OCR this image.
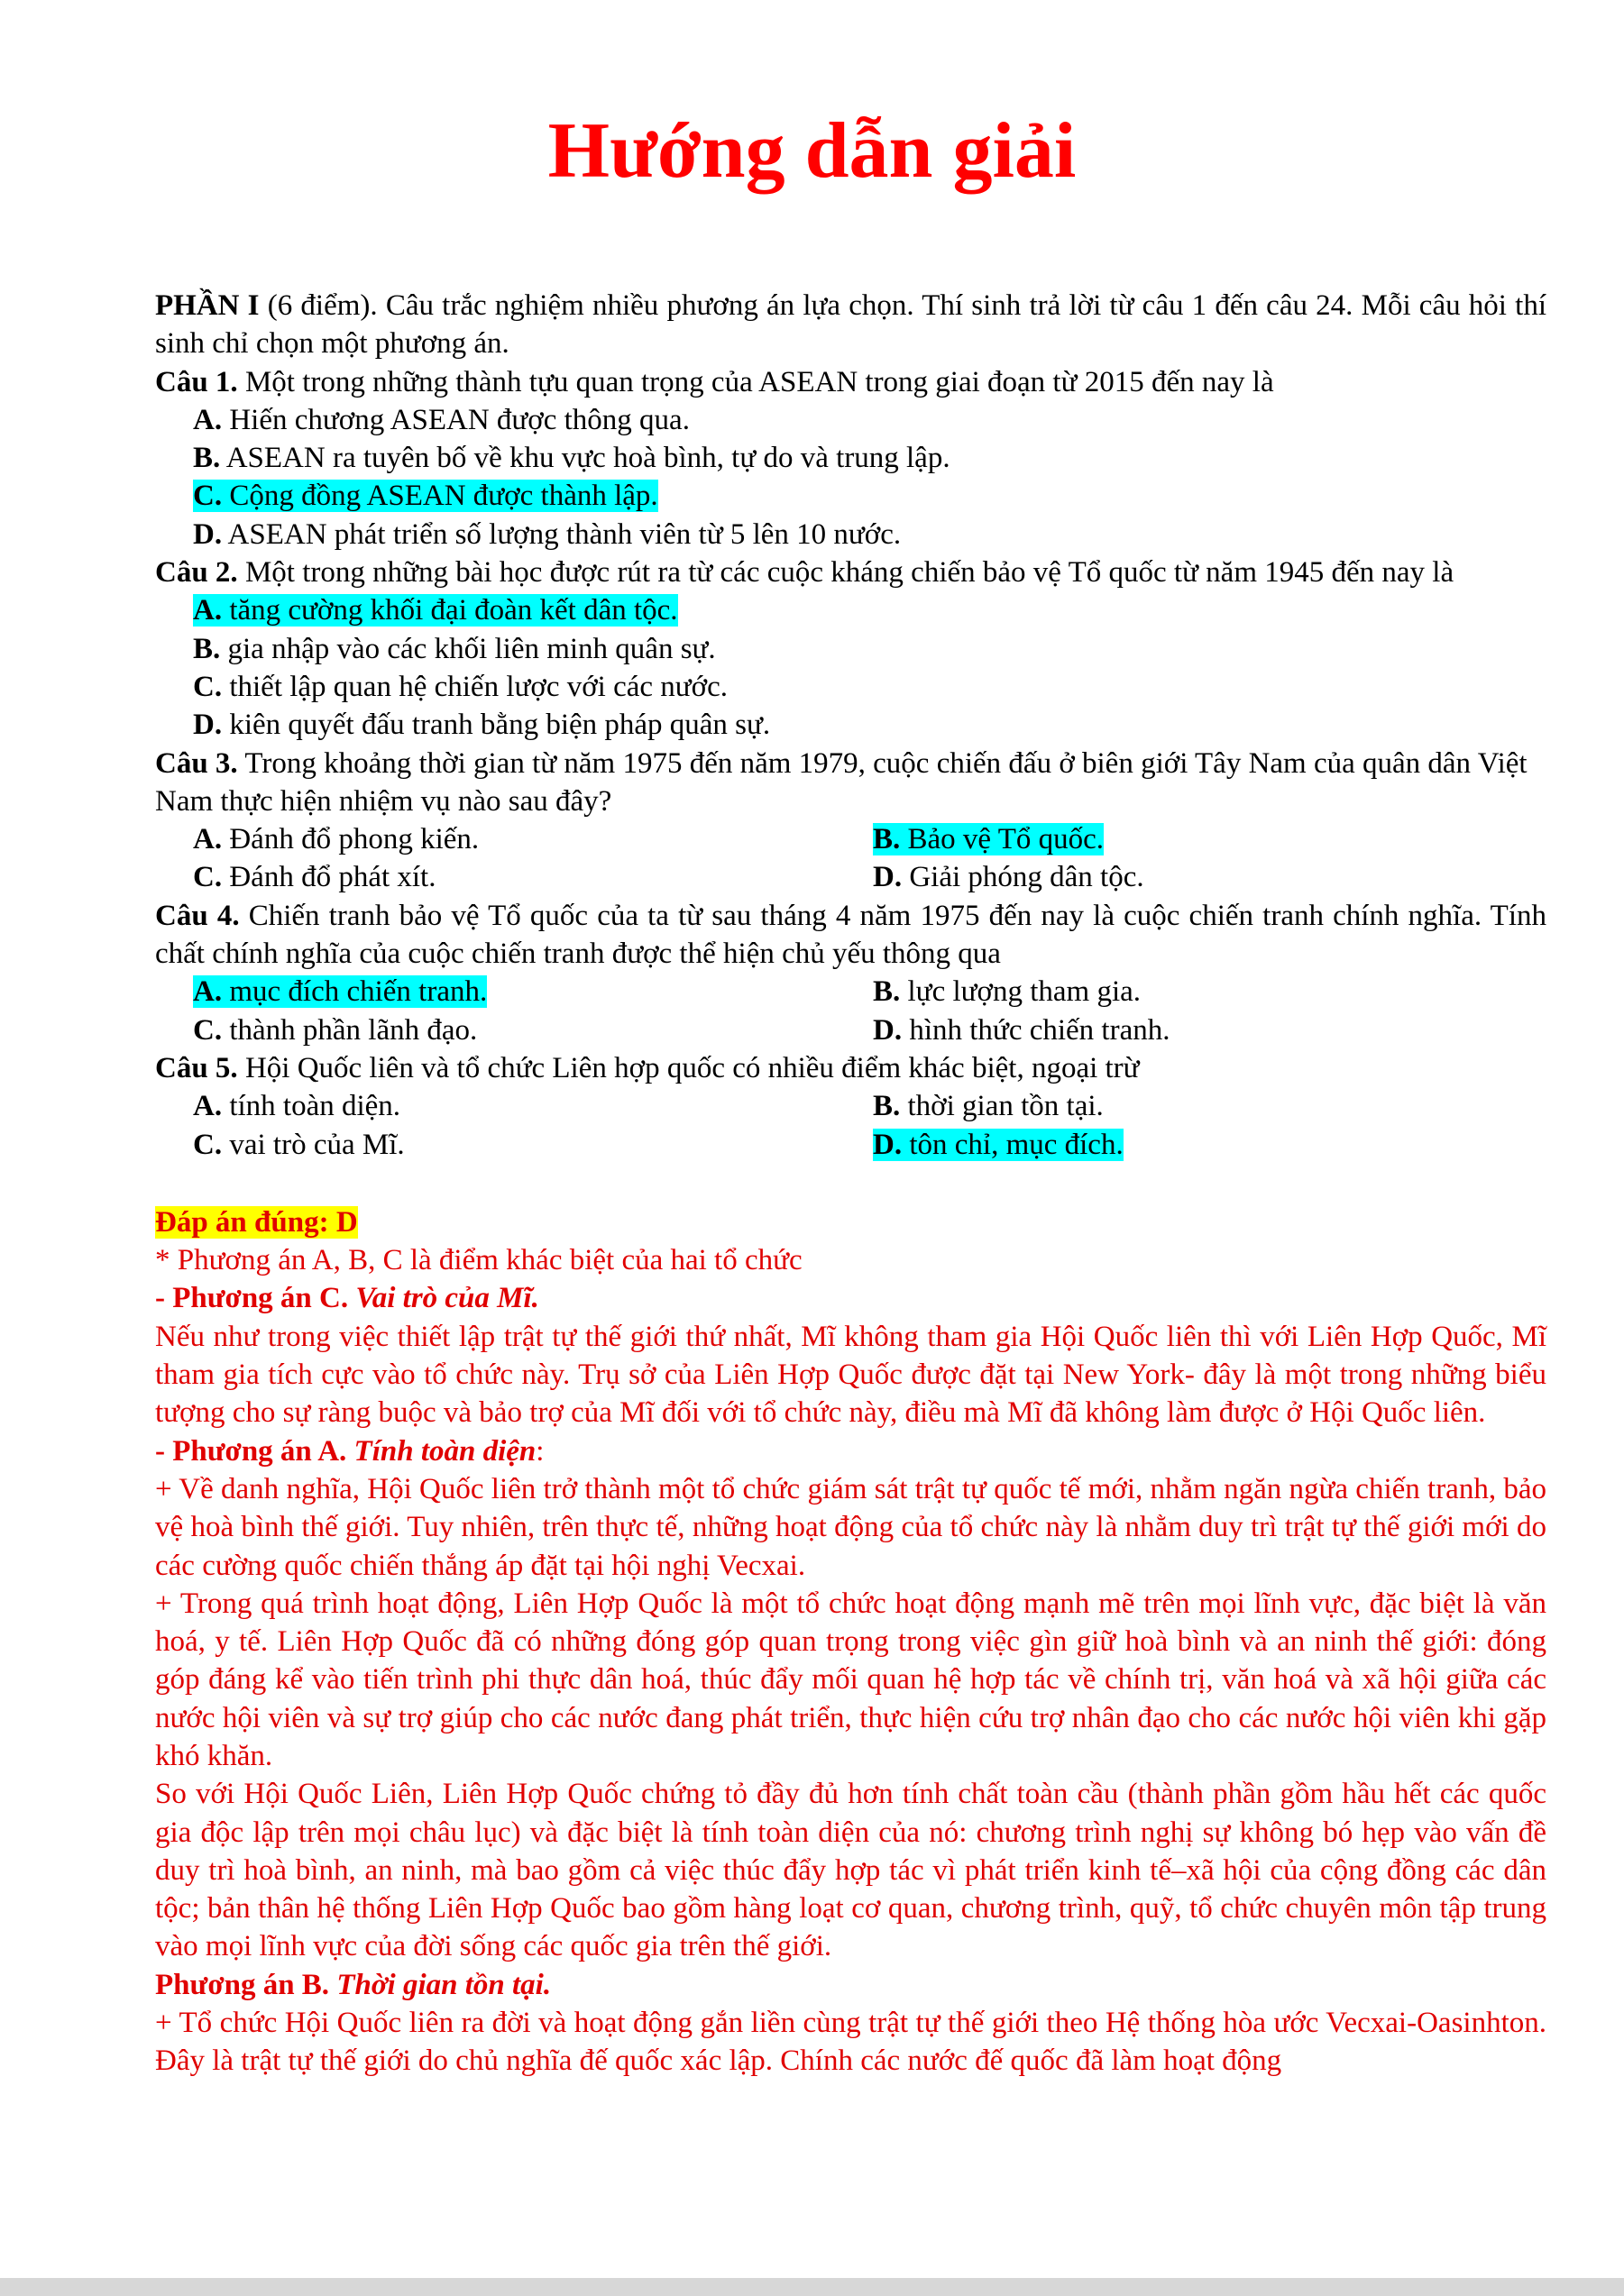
Hướng dẫn giải

PHẦN I (6 điểm). Câu trắc nghiệm nhiều phương án lựa chọn. Thí sinh trả lời từ câu 1 đến câu 24. Mỗi câu hỏi thí sinh chỉ chọn một phương án.

Câu 1. Một trong những thành tựu quan trọng của ASEAN trong giai đoạn từ 2015 đến nay là

A. Hiến chương ASEAN được thông qua.

B. ASEAN ra tuyên bố về khu vực hoà bình, tự do và trung lập.

C. Cộng đồng ASEAN được thành lập.

D. ASEAN phát triển số lượng thành viên từ 5 lên 10 nước.

Câu 2. Một trong những bài học được rút ra từ các cuộc kháng chiến bảo vệ Tổ quốc từ năm 1945 đến nay là

A. tăng cường khối đại đoàn kết dân tộc.

B. gia nhập vào các khối liên minh quân sự.

C. thiết lập quan hệ chiến lược với các nước.

D. kiên quyết đấu tranh bằng biện pháp quân sự.

Câu 3. Trong khoảng thời gian từ năm 1975 đến năm 1979, cuộc chiến đấu ở biên giới Tây Nam của quân dân Việt Nam thực hiện nhiệm vụ nào sau đây?

A. Đánh đổ phong kiến.	B. Bảo vệ Tổ quốc.
C. Đánh đổ phát xít.	D. Giải phóng dân tộc.

Câu 4. Chiến tranh bảo vệ Tổ quốc của ta từ sau tháng 4 năm 1975 đến nay là cuộc chiến tranh chính nghĩa. Tính chất chính nghĩa của cuộc chiến tranh được thể hiện chủ yếu thông qua

A. mục đích chiến tranh.	B. lực lượng tham gia.
C. thành phần lãnh đạo.	D. hình thức chiến tranh.

Câu 5. Hội Quốc liên và tổ chức Liên hợp quốc có nhiều điểm khác biệt, ngoại trừ

A. tính toàn diện.	B. thời gian tồn tại.
C. vai trò của Mĩ.	D. tôn chỉ, mục đích.

Đáp án đúng: D

* Phương án A, B, C là điểm khác biệt của hai tổ chức

- Phương án C. Vai trò của Mĩ.

Nếu như trong việc thiết lập trật tự thế giới thứ nhất, Mĩ không tham gia Hội Quốc liên thì với Liên Hợp Quốc, Mĩ tham gia tích cực vào tổ chức này. Trụ sở của Liên Hợp Quốc được đặt tại New York- đây là một trong những biểu tượng cho sự ràng buộc và bảo trợ của Mĩ đối với tổ chức này, điều mà Mĩ đã không làm được ở Hội Quốc liên.

- Phương án A. Tính toàn diện:

+ Về danh nghĩa, Hội Quốc liên trở thành một tổ chức giám sát trật tự quốc tế mới, nhằm ngăn ngừa chiến tranh, bảo vệ hoà bình thế giới. Tuy nhiên, trên thực tế, những hoạt động của tổ chức này là nhằm duy trì trật tự thế giới mới do các cường quốc chiến thắng áp đặt tại hội nghị Vecxai.

+ Trong quá trình hoạt động, Liên Hợp Quốc là một tổ chức hoạt động mạnh mẽ trên mọi lĩnh vực, đặc biệt là văn hoá, y tế. Liên Hợp Quốc đã có những đóng góp quan trọng trong việc gìn giữ hoà bình và an ninh thế giới: đóng góp đáng kể vào tiến trình phi thực dân hoá, thúc đẩy mối quan hệ hợp tác về chính trị, văn hoá và xã hội giữa các nước hội viên và sự trợ giúp cho các nước đang phát triển, thực hiện cứu trợ nhân đạo cho các nước hội viên khi gặp khó khăn.

So với Hội Quốc Liên, Liên Hợp Quốc chứng tỏ đầy đủ hơn tính chất toàn cầu (thành phần gồm hầu hết các quốc gia độc lập trên mọi châu lục) và đặc biệt là tính toàn diện của nó: chương trình nghị sự không bó hẹp vào vấn đề duy trì hoà bình, an ninh, mà bao gồm cả việc thúc đẩy hợp tác vì phát triển kinh tế–xã hội của cộng đồng các dân tộc; bản thân hệ thống Liên Hợp Quốc bao gồm hàng loạt cơ quan, chương trình, quỹ, tổ chức chuyên môn tập trung vào mọi lĩnh vực của đời sống các quốc gia trên thế giới.

Phương án B. Thời gian tồn tại.

+ Tổ chức Hội Quốc liên ra đời và hoạt động gắn liền cùng trật tự thế giới theo Hệ thống hòa ước Vecxai-Oasinhton. Đây là trật tự thế giới do chủ nghĩa đế quốc xác lập. Chính các nước đế quốc đã làm hoạt động
